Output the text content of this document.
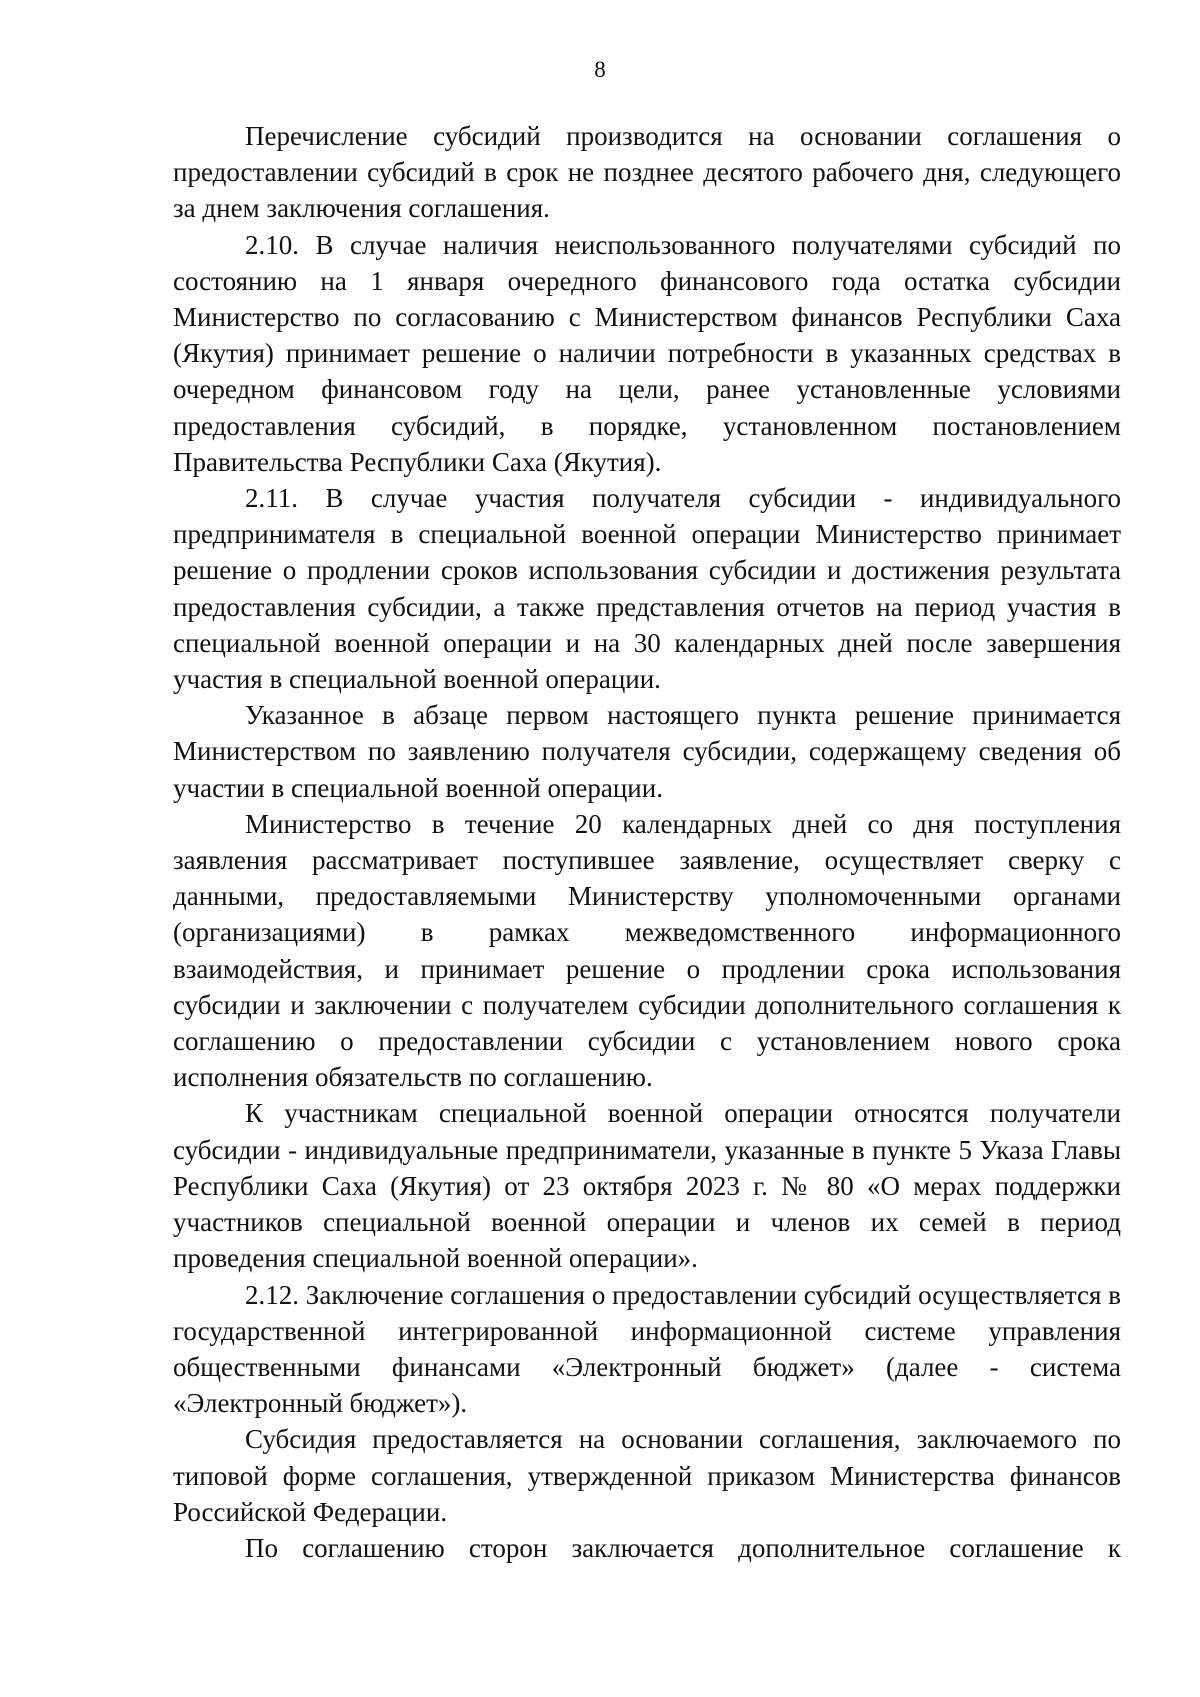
8

Перечисление субсидий производится на основании соглашения о предоставлении субсидий в срок не позднее десятого рабочего дня, следующего за днем заключения соглашения.

2.10. В случае наличия неиспользованного получателями субсидий по состоянию на 1 января очередного финансового года остатка субсидии Министерство по согласованию с Министерством финансов Республики Саха (Якутия) принимает решение о наличии потребности в указанных средствах в очередном финансовом году на цели, ранее установленные условиями предоставления субсидий, в порядке, установленном постановлением Правительства Республики Саха (Якутия).

2.11. В случае участия получателя субсидии - индивидуального предпринимателя в специальной военной операции Министерство принимает решение о продлении сроков использования субсидии и достижения результата предоставления субсидии, а также представления отчетов на период участия в специальной военной операции и на 30 календарных дней после завершения участия в специальной военной операции.

Указанное в абзаце первом настоящего пункта решение принимается Министерством по заявлению получателя субсидии, содержащему сведения об участии в специальной военной операции.

Министерство в течение 20 календарных дней со дня поступления заявления рассматривает поступившее заявление, осуществляет сверку с данными, предоставляемыми Министерству уполномоченными органами (организациями) в рамках межведомственного информационного взаимодействия, и принимает решение о продлении срока использования субсидии и заключении с получателем субсидии дополнительного соглашения к соглашению о предоставлении субсидии с установлением нового срока исполнения обязательств по соглашению.

К участникам специальной военной операции относятся получатели субсидии - индивидуальные предприниматели, указанные в пункте 5 Указа Главы Республики Саха (Якутия) от 23 октября 2023 г. № 80 «О мерах поддержки участников специальной военной операции и членов их семей в период проведения специальной военной операции».

2.12. Заключение соглашения о предоставлении субсидий осуществляется в государственной интегрированной информационной системе управления общественными финансами «Электронный бюджет» (далее - система «Электронный бюджет»).

Субсидия предоставляется на основании соглашения, заключаемого по типовой форме соглашения, утвержденной приказом Министерства финансов Российской Федерации.

По соглашению сторон заключается дополнительное соглашение к
